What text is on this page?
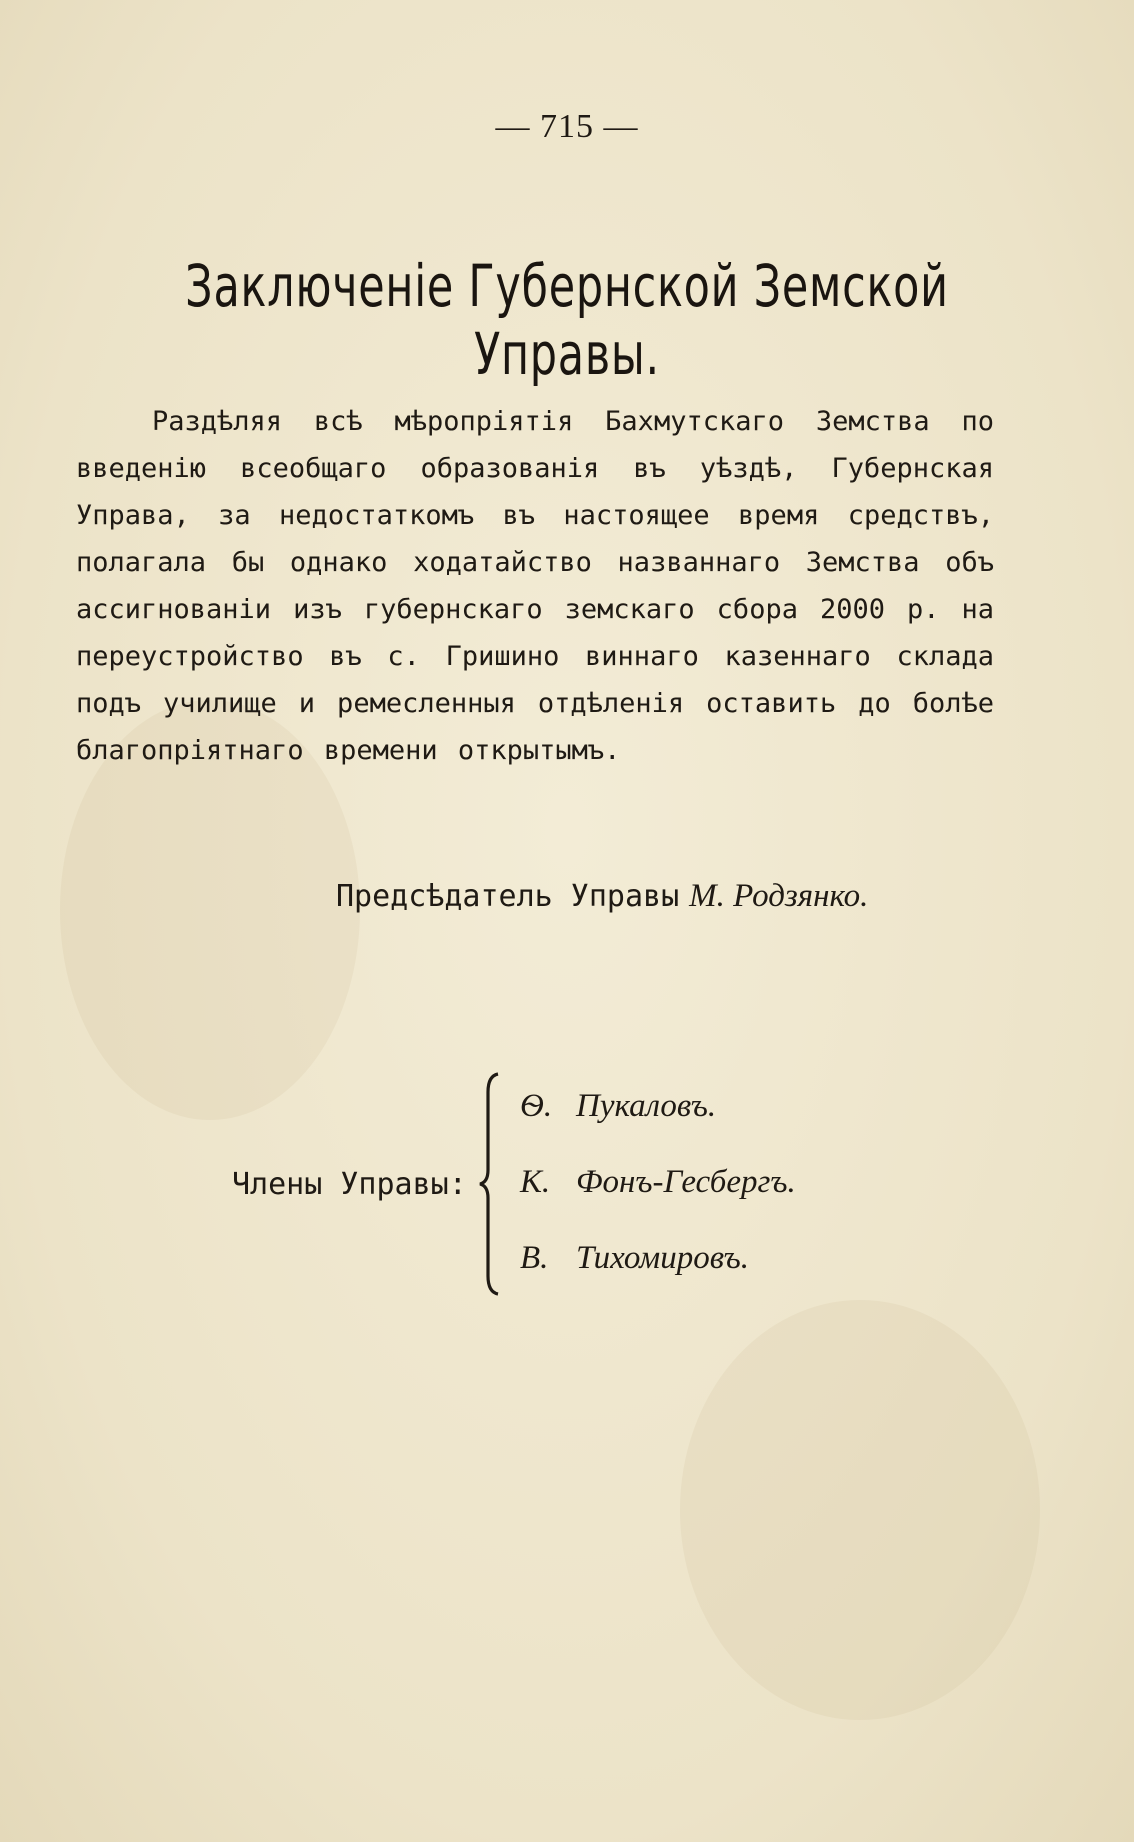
— 715 —
Заключеніе Губернской Земской Управы.

Раздѣляя всѣ мѣропріятія Бахмутскаго Земства по введенію всеобщаго образованія въ уѣздѣ, Губернская Управа, за недостаткомъ въ настоящее время средствъ, полагала бы однако ходатайство названнаго Земства объ ассигнованіи изъ губернскаго земскаго сбора 2000 р. на переустройство въ с. Гришино виннаго казеннаго склада подъ училище и ремесленныя отдѣленія оставить до болѣе благопріятнаго времени открытымъ.

Предсѣдатель Управы М. Родзянко.
Члены Управы:
Ѳ. Пукаловъ.
К. Фонъ-Гесбергъ.
В. Тихомировъ.
